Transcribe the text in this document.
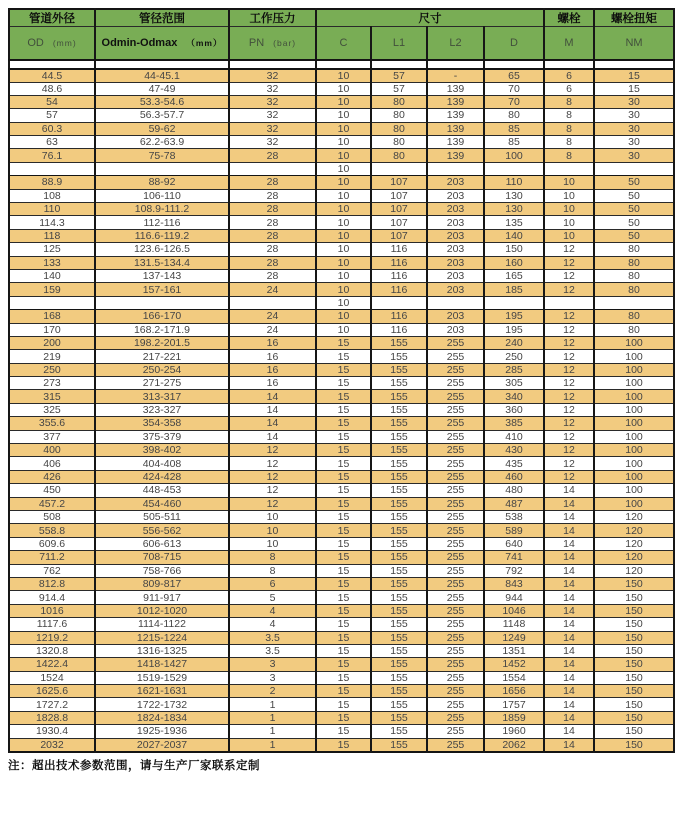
管道外径	管径范围	工作压力	尺寸				螺栓	螺栓扭矩
OD (mm)	Odmin-Odmax （mm）	PN (bar)	C	L1	L2	D	M	NM

44.5	44-45.1	32	10	57	-	65	6	15
48.6	47-49	32	10	57	139	70	6	15
54	53.3-54.6	32	10	80	139	70	8	30
57	56.3-57.7	32	10	80	139	80	8	30
60.3	59-62	32	10	80	139	85	8	30
63	62.2-63.9	32	10	80	139	85	8	30
76.1	75-78	28	10	80	139	100	8	30
			10					
88.9	88-92	28	10	107	203	110	10	50
108	106-110	28	10	107	203	130	10	50
110	108.9-111.2	28	10	107	203	130	10	50
114.3	112-116	28	10	107	203	135	10	50
118	116.6-119.2	28	10	107	203	140	10	50
125	123.6-126.5	28	10	116	203	150	12	80
133	131.5-134.4	28	10	116	203	160	12	80
140	137-143	28	10	116	203	165	12	80
159	157-161	24	10	116	203	185	12	80
			10					
168	166-170	24	10	116	203	195	12	80
170	168.2-171.9	24	10	116	203	195	12	80
200	198.2-201.5	16	15	155	255	240	12	100
219	217-221	16	15	155	255	250	12	100
250	250-254	16	15	155	255	285	12	100
273	271-275	16	15	155	255	305	12	100
315	313-317	14	15	155	255	340	12	100
325	323-327	14	15	155	255	360	12	100
355.6	354-358	14	15	155	255	385	12	100
377	375-379	14	15	155	255	410	12	100
400	398-402	12	15	155	255	430	12	100
406	404-408	12	15	155	255	435	12	100
426	424-428	12	15	155	255	460	12	100
450	448-453	12	15	155	255	480	14	100
457.2	454-460	12	15	155	255	487	14	100
508	505-511	10	15	155	255	538	14	120
558.8	556-562	10	15	155	255	589	14	120
609.6	606-613	10	15	155	255	640	14	120
711.2	708-715	8	15	155	255	741	14	120
762	758-766	8	15	155	255	792	14	120
812.8	809-817	6	15	155	255	843	14	150
914.4	911-917	5	15	155	255	944	14	150
1016	1012-1020	4	15	155	255	1046	14	150
1117.6	1114-1122	4	15	155	255	1148	14	150
1219.2	1215-1224	3.5	15	155	255	1249	14	150
1320.8	1316-1325	3.5	15	155	255	1351	14	150
1422.4	1418-1427	3	15	155	255	1452	14	150
1524	1519-1529	3	15	155	255	1554	14	150
1625.6	1621-1631	2	15	155	255	1656	14	150
1727.2	1722-1732	1	15	155	255	1757	14	150
1828.8	1824-1834	1	15	155	255	1859	14	150
1930.4	1925-1936	1	15	155	255	1960	14	150
2032	2027-2037	1	15	155	255	2062	14	150
注：超出技术参数范围，请与生产厂家联系定制
